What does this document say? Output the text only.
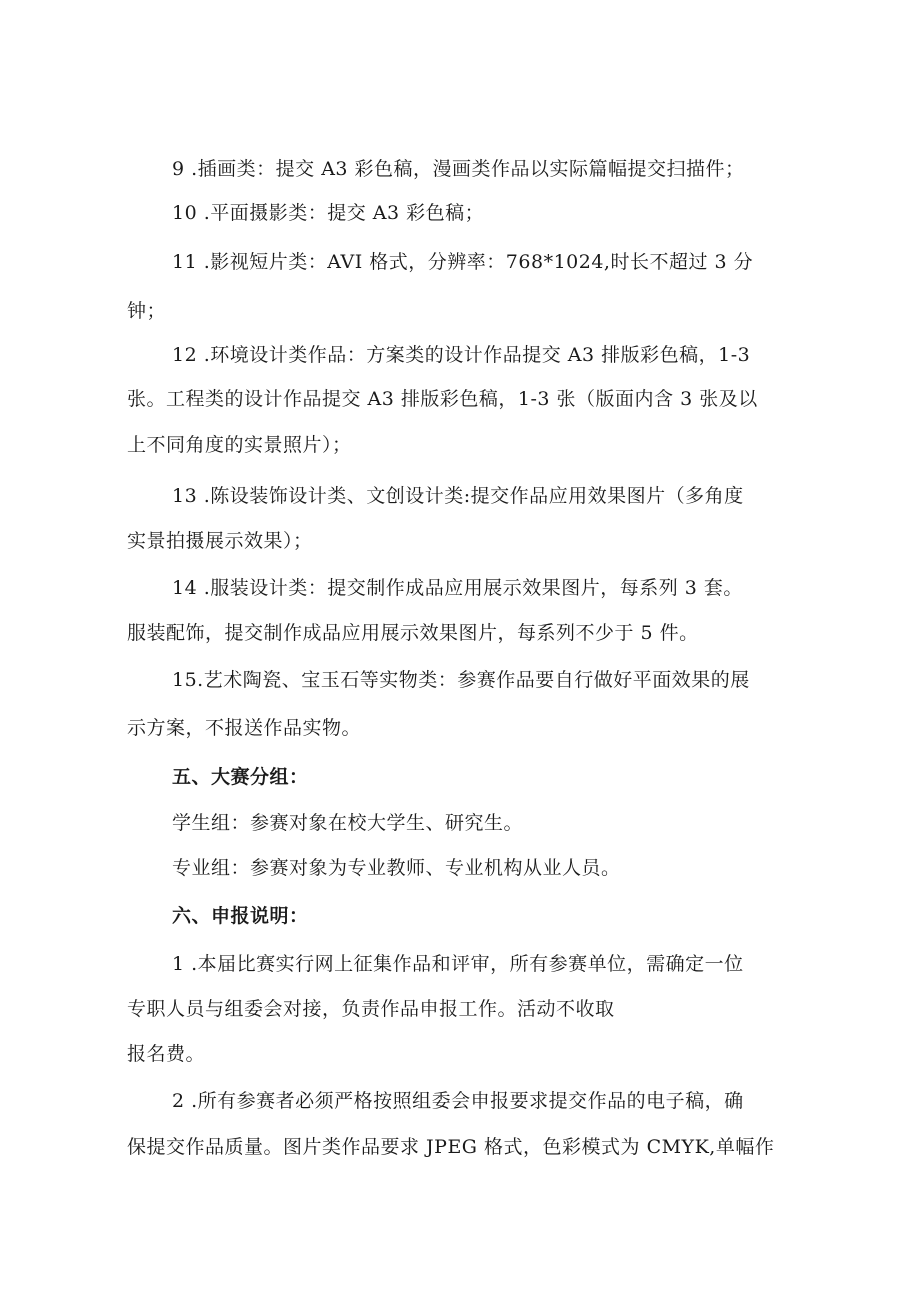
9 .插画类：提交 A3 彩色稿，漫画类作品以实际篇幅提交扫描件；
10 .平面摄影类：提交 A3 彩色稿；
11 .影视短片类：AVI 格式，分辨率：768*1024,时长不超过 3 分
钟；
12 .环境设计类作品：方案类的设计作品提交 A3 排版彩色稿，1-3
张。工程类的设计作品提交 A3 排版彩色稿，1-3 张（版面内含 3 张及以
上不同角度的实景照片）；
13 .陈设装饰设计类、文创设计类:提交作品应用效果图片（多角度
实景拍摄展示效果）；
14 .服装设计类：提交制作成品应用展示效果图片，每系列 3 套。
服装配饰，提交制作成品应用展示效果图片，每系列不少于 5 件。
15.艺术陶瓷、宝玉石等实物类：参赛作品要自行做好平面效果的展
示方案，不报送作品实物。
五、大赛分组：
学生组：参赛对象在校大学生、研究生。
专业组：参赛对象为专业教师、专业机构从业人员。
六、申报说明：
1 .本届比赛实行网上征集作品和评审，所有参赛单位，需确定一位
专职人员与组委会对接，负责作品申报工作。活动不收取
报名费。
2 .所有参赛者必须严格按照组委会申报要求提交作品的电子稿，确
保提交作品质量。图片类作品要求 JPEG 格式，色彩模式为 CMYK,单幅作
